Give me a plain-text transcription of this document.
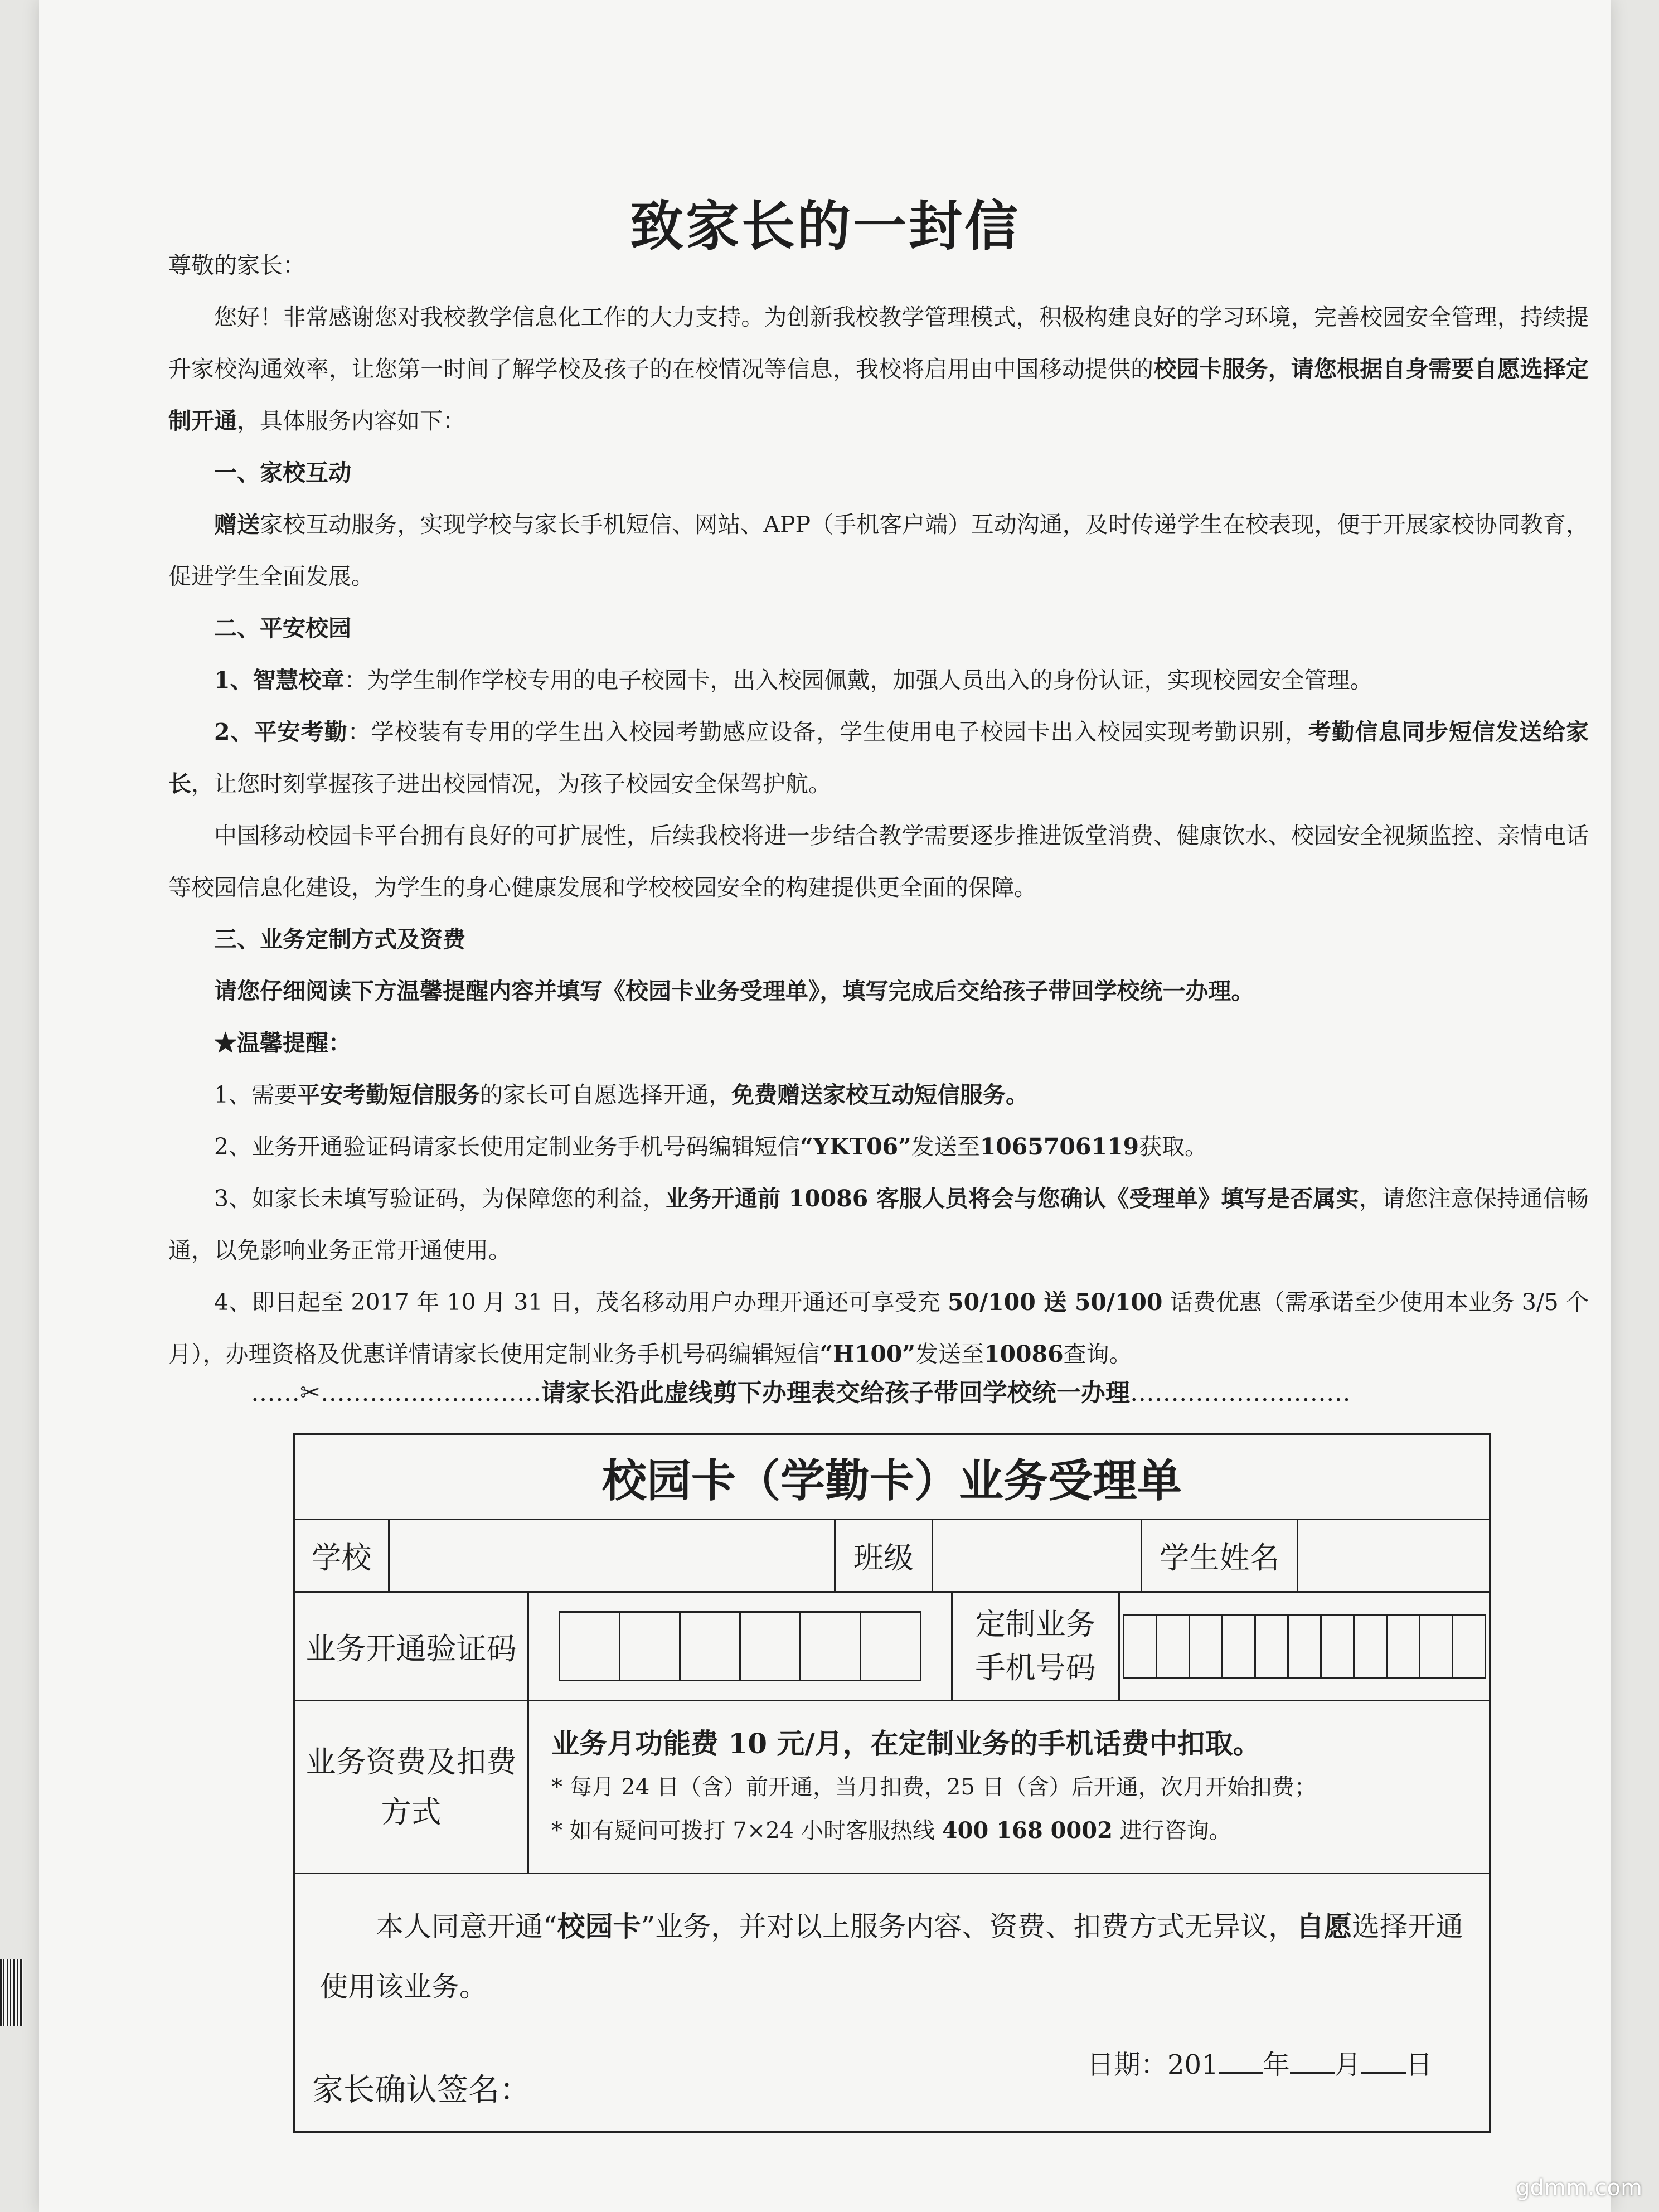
致家长的一封信

尊敬的家长：

您好！非常感谢您对我校教学信息化工作的大力支持。为创新我校教学管理模式，积极构建良好的学习环境，完善校园安全管理，持续提升家校沟通效率，让您第一时间了解学校及孩子的在校情况等信息，我校将启用由中国移动提供的校园卡服务，请您根据自身需要自愿选择定制开通，具体服务内容如下：

一、家校互动

赠送家校互动服务，实现学校与家长手机短信、网站、APP（手机客户端）互动沟通，及时传递学生在校表现，便于开展家校协同教育，促进学生全面发展。

二、平安校园

1、智慧校章：为学生制作学校专用的电子校园卡，出入校园佩戴，加强人员出入的身份认证，实现校园安全管理。

2、平安考勤：学校装有专用的学生出入校园考勤感应设备，学生使用电子校园卡出入校园实现考勤识别，考勤信息同步短信发送给家长，让您时刻掌握孩子进出校园情况，为孩子校园安全保驾护航。

中国移动校园卡平台拥有良好的可扩展性，后续我校将进一步结合教学需要逐步推进饭堂消费、健康饮水、校园安全视频监控、亲情电话等校园信息化建设，为学生的身心健康发展和学校校园安全的构建提供更全面的保障。

三、业务定制方式及资费

请您仔细阅读下方温馨提醒内容并填写《校园卡业务受理单》，填写完成后交给孩子带回学校统一办理。

★温馨提醒：

1、需要平安考勤短信服务的家长可自愿选择开通，免费赠送家校互动短信服务。

2、业务开通验证码请家长使用定制业务手机号码编辑短信“YKT06”发送至1065706119获取。

3、如家长未填写验证码，为保障您的利益，业务开通前 10086 客服人员将会与您确认《受理单》填写是否属实，请您注意保持通信畅通，以免影响业务正常开通使用。

4、即日起至 2017 年 10 月 31 日，茂名移动用户办理开通还可享受充 50/100 送 50/100 话费优惠（需承诺至少使用本业务 3/5 个月），办理资格及优惠详情请家长使用定制业务手机号码编辑短信“H100”发送至10086查询。

……✂………………………请家长沿此虚线剪下办理表交给孩子带回学校统一办理………………………
校园卡（学勤卡）业务受理单
学校	班级	学生姓名
业务开通验证码
定制业务
手机号码
业务资费及扣费
方式
业务月功能费 10 元/月，在定制业务的手机话费中扣取。
* 每月 24 日（含）前开通，当月扣费，25 日（含）后开通，次月开始扣费；
* 如有疑问可拨打 7×24 小时客服热线 400 168 0002 进行咨询。
本人同意开通“校园卡”业务，并对以上服务内容、资费、扣费方式无异议，自愿选择开通使用该业务。
家长确认签名：
日期：201 年 月 日
gdmm.com
